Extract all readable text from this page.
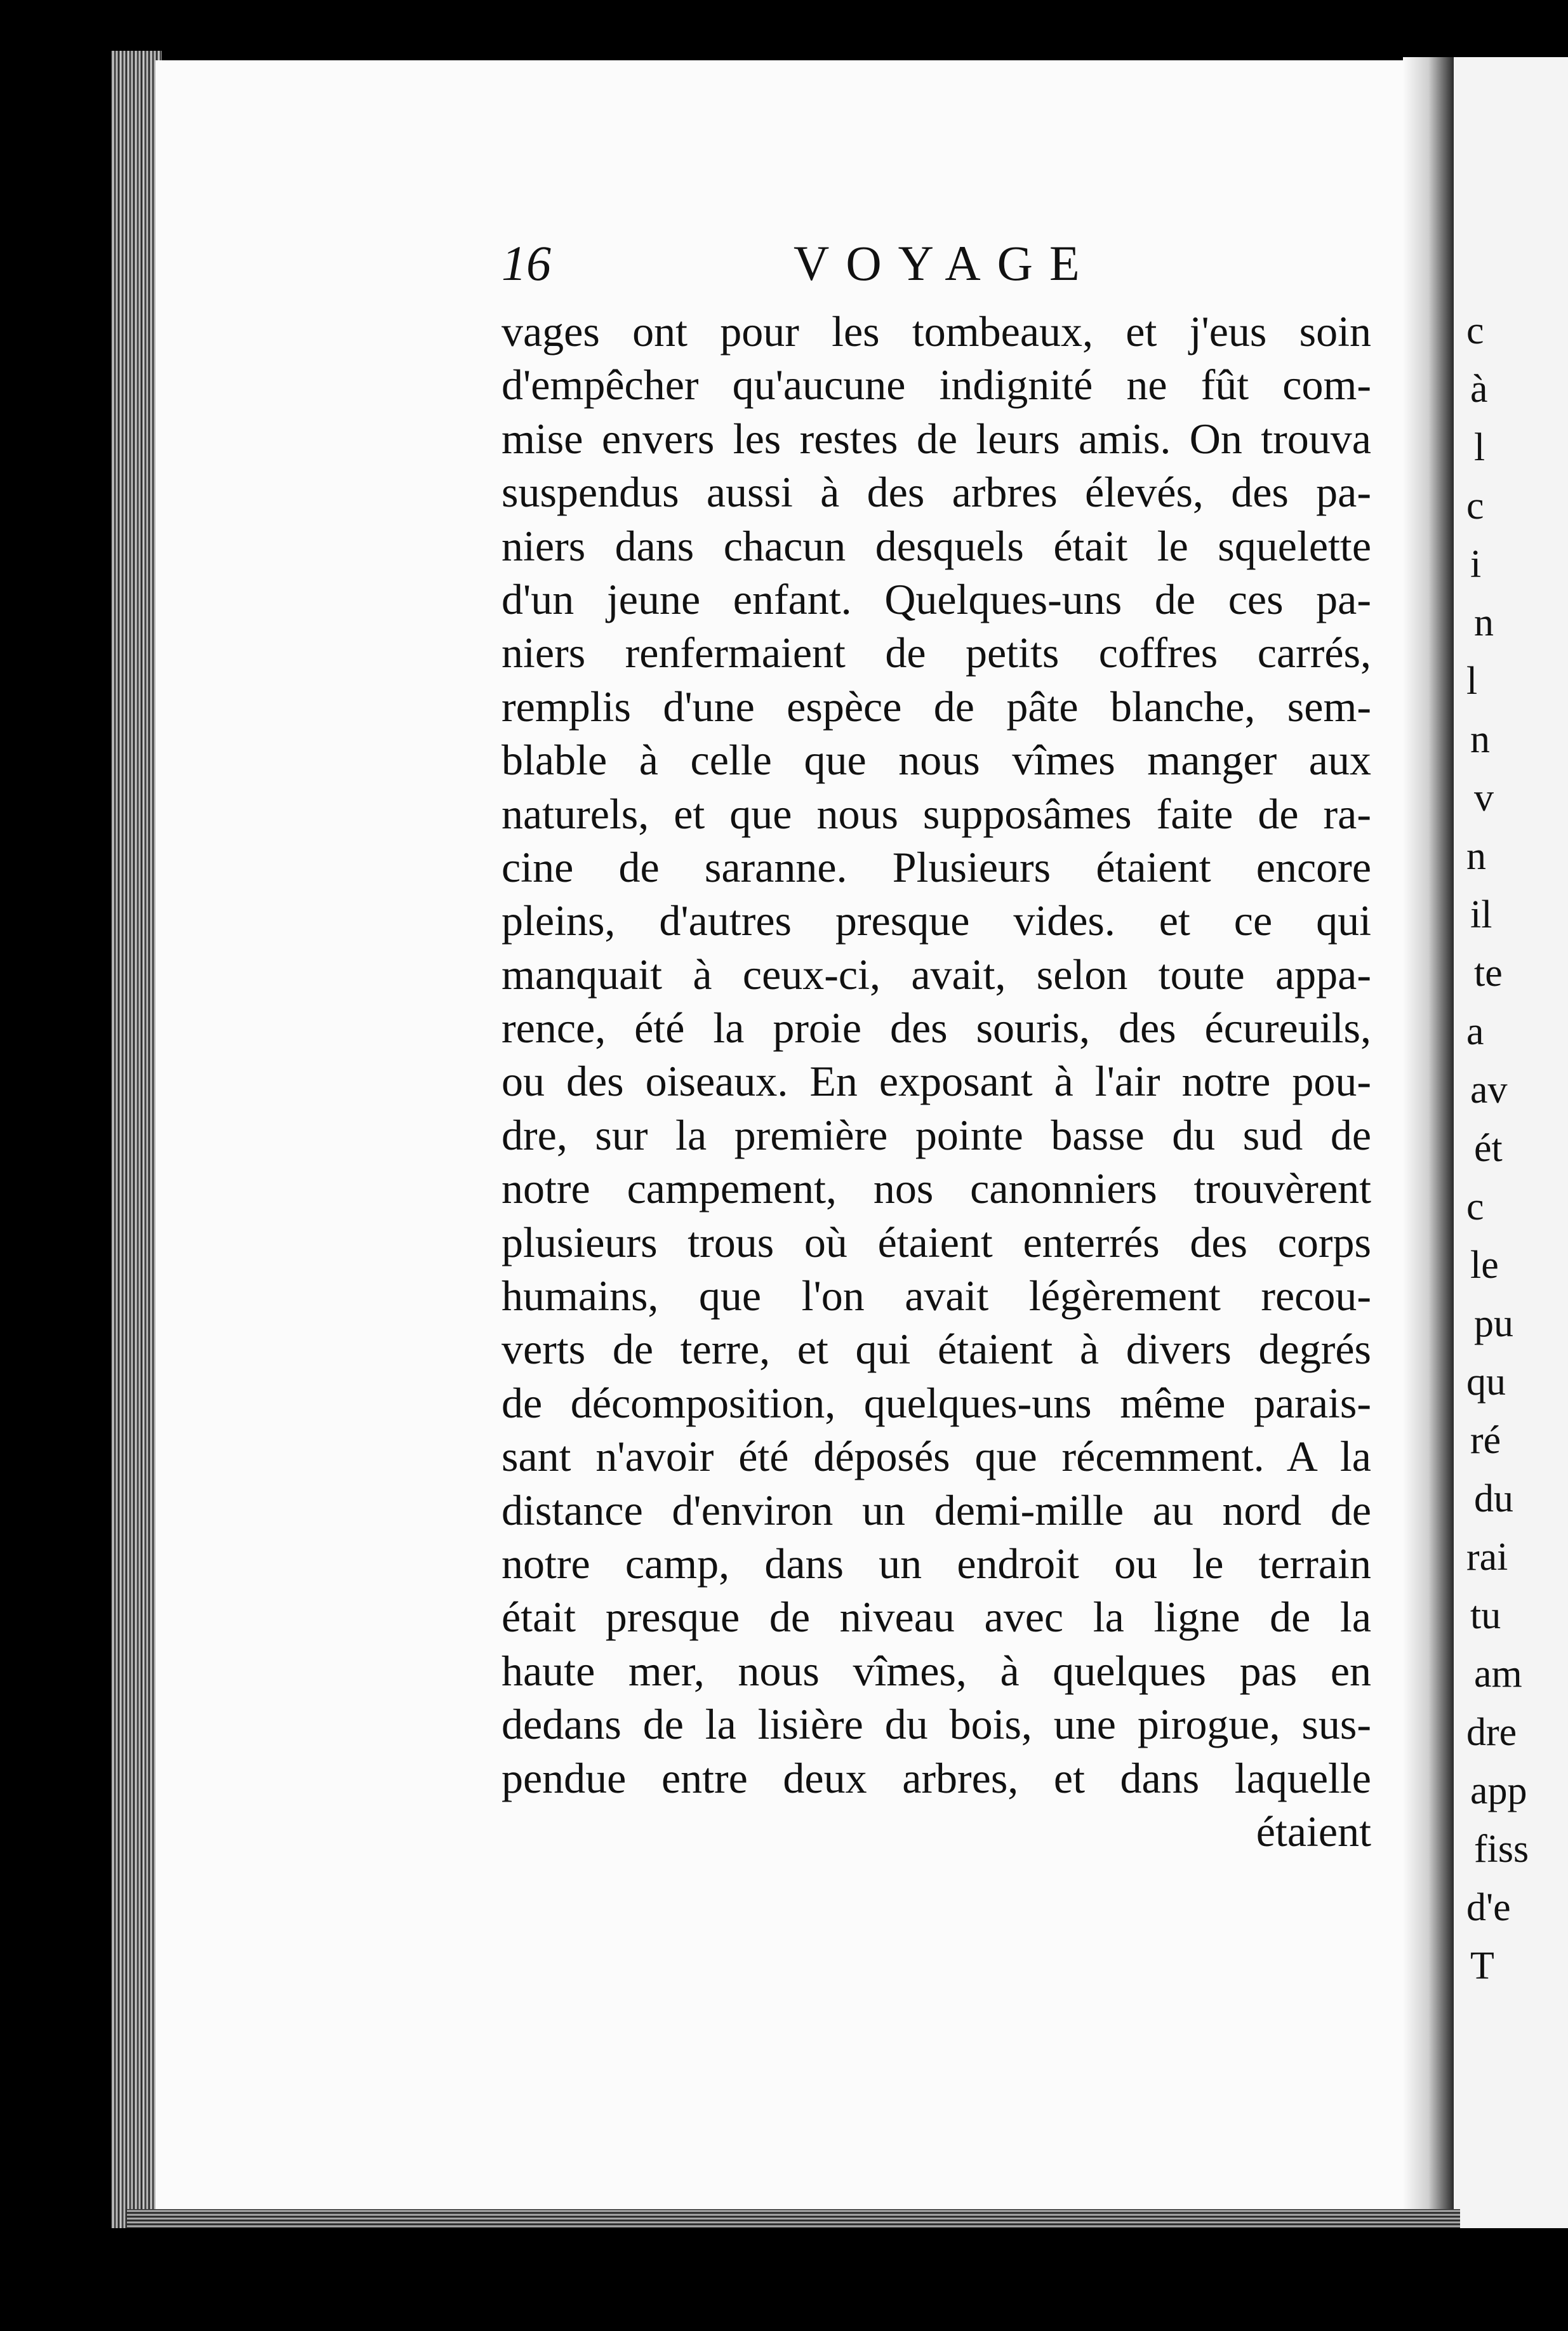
c
à
l
c
i
n
l
n
v
n
il
te
a
av
ét
c
le
pu
qu
ré
du
rai
tu
am
dre
app
fiss
d'e
T
16	VOYAGE
vages ont pour les tombeaux, et j'eus soin
d'empêcher qu'aucune indignité ne fût com-
mise envers les restes de leurs amis. On trouva
suspendus aussi à des arbres élevés, des pa-
niers dans chacun desquels était le squelette
d'un jeune enfant. Quelques-uns de ces pa-
niers renfermaient de petits coffres carrés,
remplis d'une espèce de pâte blanche, sem-
blable à celle que nous vîmes manger aux
naturels, et que nous supposâmes faite de ra-
cine de saranne. Plusieurs étaient encore
pleins, d'autres presque vides. et ce qui
manquait à ceux-ci, avait, selon toute appa-
rence, été la proie des souris, des écureuils,
ou des oiseaux. En exposant à l'air notre pou-
dre, sur la première pointe basse du sud de
notre campement, nos canonniers trouvèrent
plusieurs trous où étaient enterrés des corps
humains, que l'on avait légèrement recou-
verts de terre, et qui étaient à divers degrés
de décomposition, quelques-uns même parais-
sant n'avoir été déposés que récemment. A la
distance d'environ un demi-mille au nord de
notre camp, dans un endroit ou le terrain
était presque de niveau avec la ligne de la
haute mer, nous vîmes, à quelques pas en
dedans de la lisière du bois, une pirogue, sus-
pendue entre deux arbres, et dans laquelle
étaient
